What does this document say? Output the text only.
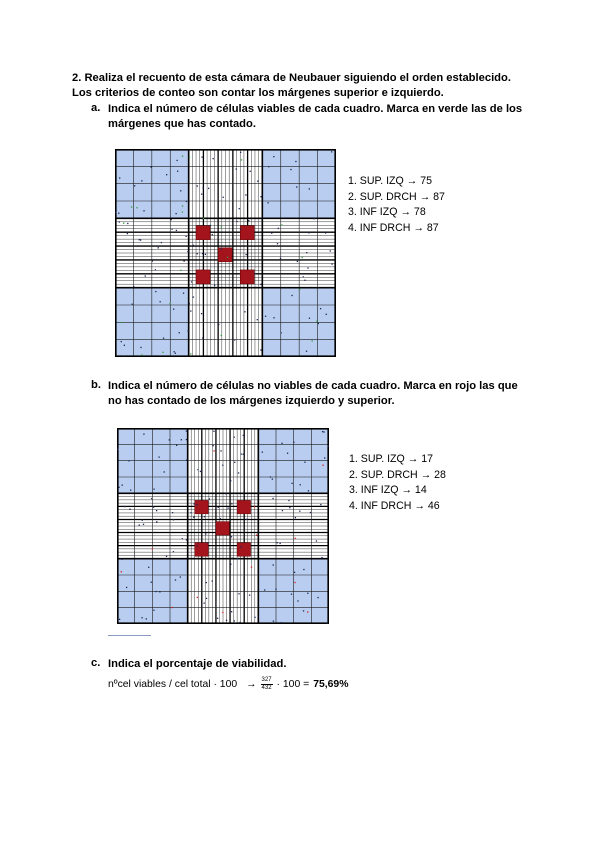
2. Realiza el recuento de esta cámara de Neubauer siguiendo el orden establecido.
Los criterios de conteo son contar los márgenes superior e izquierdo.
a. Indica el número de células viables de cada cuadro. Marca en verde las de los
márgenes que has contado.
1. SUP. IZQ → 75
2. SUP. DRCH → 87
3. INF IZQ → 78
4. INF DRCH → 87
b. Indica el número de células no viables de cada cuadro. Marca en rojo las que
no has contado de los márgenes izquierdo y superior.
1. SUP. IZQ → 17
2. SUP. DRCH → 28
3. INF IZQ → 14
4. INF DRCH → 46
c. Indica el porcentaje de viabilidad.
nºcel viables / cel total · $100 \to \frac{327}{432} \cdot 100 = 75,69\%$
